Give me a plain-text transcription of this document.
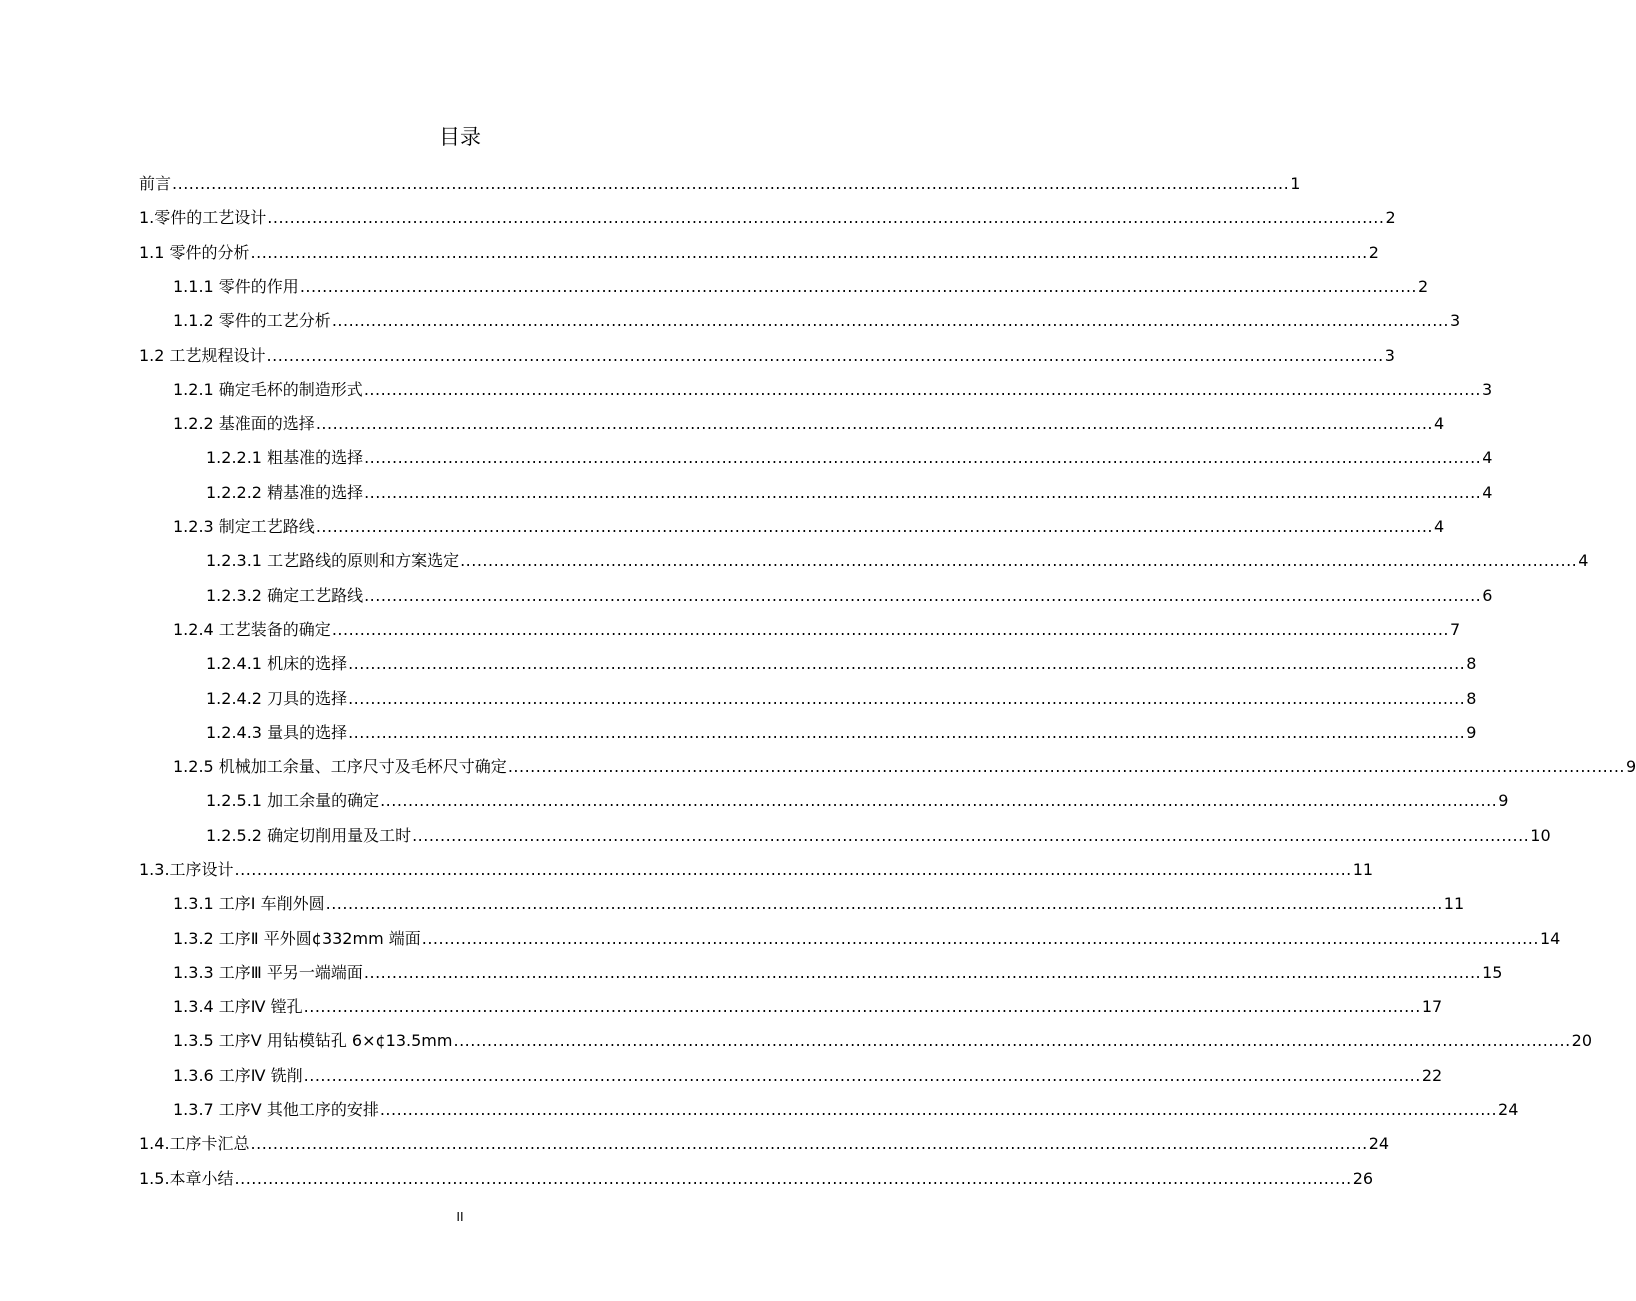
目录
前言 ........................................................................................................................................................................................................ 1
1.零件的工艺设计 ........................................................................................................................................................................................................ 2
1.1 零件的分析 ........................................................................................................................................................................................................ 2
1.1.1 零件的作用 ........................................................................................................................................................................................................ 2
1.1.2 零件的工艺分析 ........................................................................................................................................................................................................ 3
1.2 工艺规程设计 ........................................................................................................................................................................................................ 3
1.2.1 确定毛杯的制造形式 ........................................................................................................................................................................................................ 3
1.2.2 基准面的选择 ........................................................................................................................................................................................................ 4
1.2.2.1 粗基准的选择 ........................................................................................................................................................................................................ 4
1.2.2.2 精基准的选择 ........................................................................................................................................................................................................ 4
1.2.3 制定工艺路线 ........................................................................................................................................................................................................ 4
1.2.3.1 工艺路线的原则和方案选定 ........................................................................................................................................................................................................ 4
1.2.3.2 确定工艺路线 ........................................................................................................................................................................................................ 6
1.2.4 工艺装备的确定 ........................................................................................................................................................................................................ 7
1.2.4.1 机床的选择 ........................................................................................................................................................................................................ 8
1.2.4.2 刀具的选择 ........................................................................................................................................................................................................ 8
1.2.4.3 量具的选择 ........................................................................................................................................................................................................ 9
1.2.5 机械加工余量、工序尺寸及毛杯尺寸确定 ........................................................................................................................................................................................................ 9
1.2.5.1 加工余量的确定 ........................................................................................................................................................................................................ 9
1.2.5.2 确定切削用量及工时 ........................................................................................................................................................................................................ 10
1.3.工序设计 ........................................................................................................................................................................................................ 11
1.3.1 工序Ⅰ 车削外圆 ........................................................................................................................................................................................................ 11
1.3.2 工序Ⅱ 平外圆¢332mm 端面 ........................................................................................................................................................................................................ 14
1.3.3 工序Ⅲ 平另一端端面 ........................................................................................................................................................................................................ 15
1.3.4 工序Ⅳ 镗孔 ........................................................................................................................................................................................................ 17
1.3.5 工序Ⅴ 用钻模钻孔 6×¢13.5mm ........................................................................................................................................................................................................ 20
1.3.6 工序Ⅳ 铣削 ........................................................................................................................................................................................................ 22
1.3.7 工序Ⅴ 其他工序的安排 ........................................................................................................................................................................................................ 24
1.4.工序卡汇总 ........................................................................................................................................................................................................ 24
1.5.本章小结 ........................................................................................................................................................................................................ 26
II
